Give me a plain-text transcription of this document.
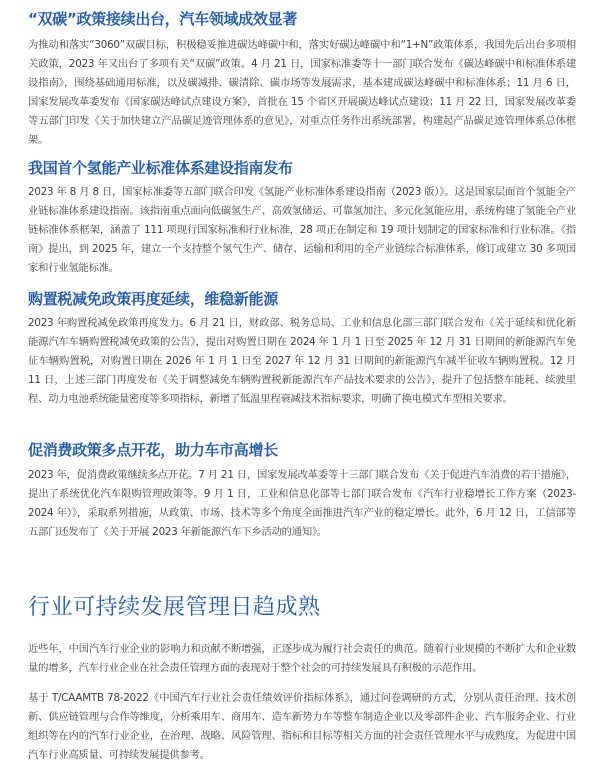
“双碳”政策接续出台，汽车领域成效显著

为推动和落实“3060”双碳目标，积极稳妥推进碳达峰碳中和，落实好碳达峰碳中和“1+N”政策体系，我国先后出台多项相关政策，2023 年又出台了多项有关“双碳”政策。4 月 21 日，国家标准委等十一部门联合发布《碳达峰碳中和标准体系建设指南》，围绕基础通用标准，以及碳减排、碳清除、碳市场等发展需求，基本建成碳达峰碳中和标准体系；11 月 6 日，国家发展改革委发布《国家碳达峰试点建设方案》，首批在 15 个省区开展碳达峰试点建设；11 月 22 日，国家发展改革委等五部门印发《关于加快建立产品碳足迹管理体系的意见》，对重点任务作出系统部署，构建起产品碳足迹管理体系总体框架。

我国首个氢能产业标准体系建设指南发布

2023 年 8 月 8 日，国家标准委等五部门联合印发《氢能产业标准体系建设指南（2023 版）》。这是国家层面首个氢能全产业链标准体系建设指南。该指南重点面向低碳氢生产、高效氢储运、可靠氢加注、多元化氢能应用，系统构建了氢能全产业链标准体系框架，涵盖了 111 项现行国家标准和行业标准，28 项正在制定和 19 项计划制定的国家标准和行业标准。《指南》提出，到 2025 年，建立一个支持整个氢气生产、储存、运输和利用的全产业链综合标准体系，修订或建立 30 多项国家和行业氢能标准。

购置税减免政策再度延续，维稳新能源

2023 年购置税减免政策再度发力。6 月 21 日，财政部、税务总局、工业和信息化部三部门联合发布《关于延续和优化新能源汽车车辆购置税减免政策的公告》，提出对购置日期在 2024 年 1 月 1 日至 2025 年 12 月 31 日期间的新能源汽车免征车辆购置税，对购置日期在 2026 年 1 月 1 日至 2027 年 12 月 31 日期间的新能源汽车减半征收车辆购置税。12 月 11 日，上述三部门再度发布《关于调整减免车辆购置税新能源汽车产品技术要求的公告》，提升了包括整车能耗、续驶里程、动力电池系统能量密度等多项指标，新增了低温里程衰减技术指标要求，明确了换电模式车型相关要求。

促消费政策多点开花，助力车市高增长

2023 年，促消费政策继续多点开花。7 月 21 日，国家发展改革委等十三部门联合发布《关于促进汽车消费的若干措施》，提出了系统优化汽车限购管理政策等。9 月 1 日，工业和信息化部等七部门联合发布《汽车行业稳增长工作方案（2023-2024 年）》，采取系列措施，从政策、市场、技术等多个角度全面推进汽车产业的稳定增长。此外，6 月 12 日，工信部等五部门还发布了《关于开展 2023 年新能源汽车下乡活动的通知》。

行业可持续发展管理日趋成熟

近些年，中国汽车行业企业的影响力和贡献不断增强，正逐步成为履行社会责任的典范。随着行业规模的不断扩大和企业数量的增多，汽车行业企业在社会责任管理方面的表现对于整个社会的可持续发展具有积极的示范作用。

基于 T/CAAMTB 78-2022《中国汽车行业社会责任绩效评价指标体系》，通过问卷调研的方式，分别从责任治理、技术创新、供应链管理与合作等维度，分析乘用车、商用车、造车新势力车等整车制造企业以及零部件企业、汽车服务企业、行业组织等在内的汽车行业企业，在治理、战略、风险管理、指标和目标等相关方面的社会责任管理水平与成熟度，为促进中国汽车行业高质量、可持续发展提供参考。
